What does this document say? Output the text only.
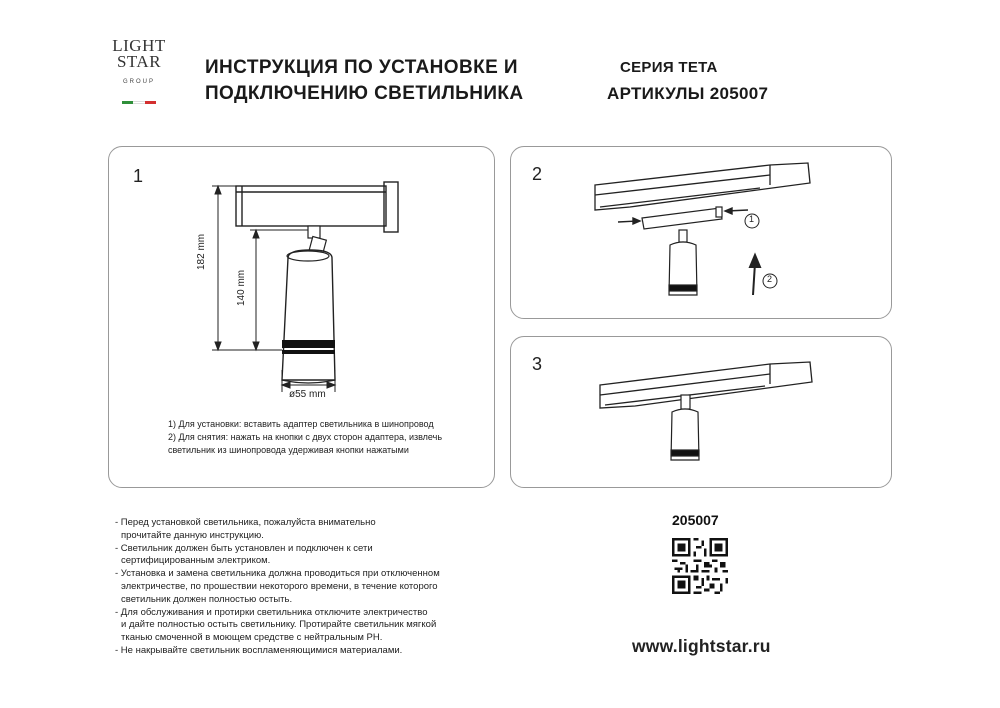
LIGHT
STAR
GROUP
ИНСТРУКЦИЯ ПО УСТАНОВКЕ И
ПОДКЛЮЧЕНИЮ СВЕТИЛЬНИКА
СЕРИЯ TETA
АРТИКУЛЫ 205007
1
182 mm
140 mm
ø55 mm
1) Для установки: вставить адаптер светильника в шинопровод
2) Для снятия: нажать на кнопки с двух сторон адаптера, извлечь
светильник из шинопровода удерживая кнопки нажатыми
2
1
2
3
- Перед установкой светильника, пожалуйста внимательно
прочитайте данную инструкцию.
- Светильник должен быть установлен и подключен к сети
сертифицированным электриком.
- Установка и замена светильника должна проводиться при отключенном
электричестве, по прошествии некоторого времени, в течение которого
светильник должен полностью остыть.
- Для обслуживания и протирки светильника отключите электричество
и дайте полностью остыть светильнику. Протирайте светильник мягкой
тканью смоченной в моющем средстве с нейтральным PH.
- Не накрывайте светильник воспламеняющимися материалами.
205007
www.lightstar.ru
